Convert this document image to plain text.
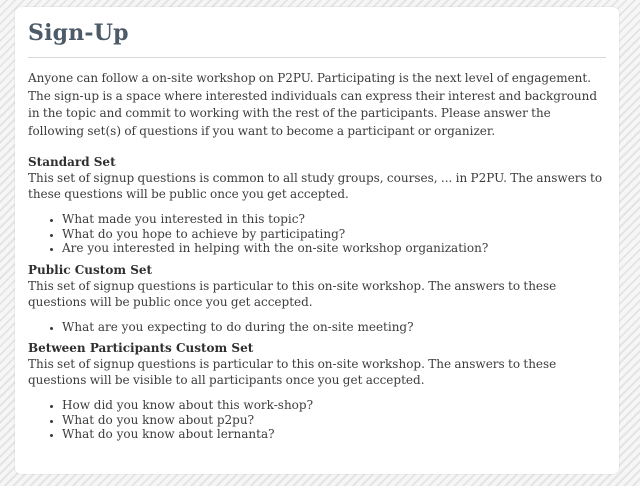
Sign-Up

Anyone can follow a on-site workshop on P2PU. Participating is the next level of engagement. The sign-up is a space where interested individuals can express their interest and background in the topic and commit to working with the rest of the participants. Please answer the following set(s) of questions if you want to become a participant or organizer.

Standard Set

This set of signup questions is common to all study groups, courses, ... in P2PU. The answers to these questions will be public once you get accepted.

• What made you interested in this topic?
• What do you hope to achieve by participating?
• Are you interested in helping with the on-site workshop organization?

Public Custom Set

This set of signup questions is particular to this on-site workshop. The answers to these questions will be public once you get accepted.

• What are you expecting to do during the on-site meeting?

Between Participants Custom Set

This set of signup questions is particular to this on-site workshop. The answers to these questions will be visible to all participants once you get accepted.

• How did you know about this work-shop?
• What do you know about p2pu?
• What do you know about lernanta?
